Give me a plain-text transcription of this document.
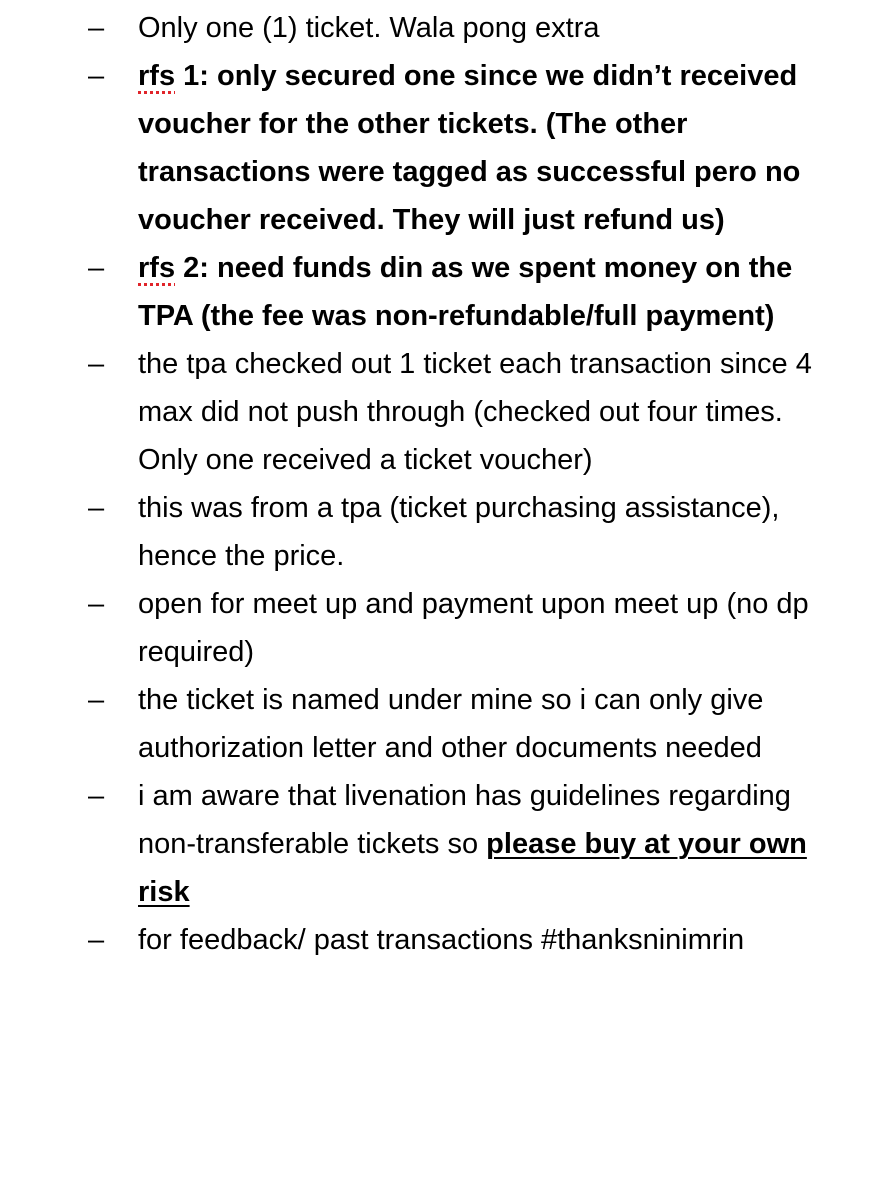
– Only one (1) ticket. Wala pong extra
– rfs 1: only secured one since we didn’t received voucher for the other tickets. (The other transactions were tagged as successful pero no voucher received. They will just refund us)
– rfs 2: need funds din as we spent money on the TPA (the fee was non-refundable/full payment)
– the tpa checked out 1 ticket each transaction since 4 max did not push through (checked out four times. Only one received a ticket voucher)
– this was from a tpa (ticket purchasing assistance), hence the price.
– open for meet up and payment upon meet up (no dp required)
– the ticket is named under mine so i can only give authorization letter and other documents needed
– i am aware that livenation has guidelines regarding non-transferable tickets so please buy at your own risk
– for feedback/ past transactions #thanksninimrin
